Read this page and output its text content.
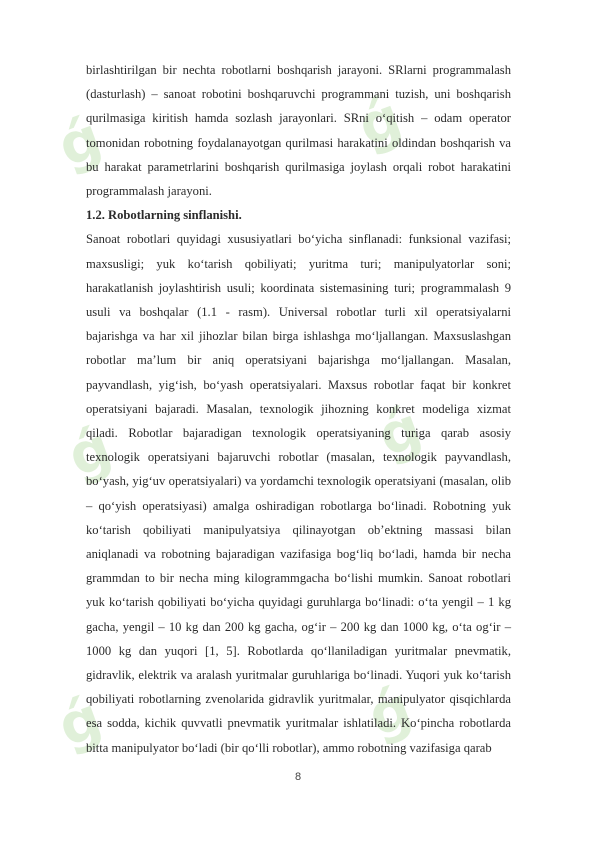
ǵ	ǵ
ǵ	ǵ
ǵ	ǵ

birlashtirilgan bir nechta robotlarni boshqarish jarayoni. SRlarni programmalash (dasturlash) – sanoat robotini boshqaruvchi programmani tuzish, uni boshqarish qurilmasiga kiritish hamda sozlash jarayonlari. SRni o‘qitish – odam operator tomonidan robotning foydalanayotgan qurilmasi harakatini oldindan boshqarish va bu harakat parametrlarini boshqarish qurilmasiga joylash orqali robot harakatini programmalash jarayoni.

1.2. Robotlarning sinflanishi.

Sanoat robotlari quyidagi xususiyatlari bo‘yicha sinflanadi: funksional vazifasi; maxsusligi; yuk ko‘tarish qobiliyati; yuritma turi; manipulyatorlar soni; harakatlanish joylashtirish usuli; koordinata sistemasining turi; programmalash 9 usuli va boshqalar (1.1 - rasm). Universal robotlar turli xil operatsiyalarni bajarishga va har xil jihozlar bilan birga ishlashga mo‘ljallangan. Maxsuslashgan robotlar ma’lum bir aniq operatsiyani bajarishga mo‘ljallangan. Masalan, payvandlash, yig‘ish, bo‘yash operatsiyalari. Maxsus robotlar faqat bir konkret operatsiyani bajaradi. Masalan, texnologik jihozning konkret modeliga xizmat qiladi. Robotlar bajaradigan texnologik operatsiyaning turiga qarab asosiy texnologik operatsiyani bajaruvchi robotlar (masalan, texnologik payvandlash, bo‘yash, yig‘uv operatsiyalari) va yordamchi texnologik operatsiyani (masalan, olib – qo‘yish operatsiyasi) amalga oshiradigan robotlarga bo‘linadi. Robotning yuk ko‘tarish qobiliyati manipulyatsiya qilinayotgan ob’ektning massasi bilan aniqlanadi va robotning bajaradigan vazifasiga bog‘liq bo‘ladi, hamda bir necha grammdan to bir necha ming kilogrammgacha bo‘lishi mumkin. Sanoat robotlari yuk ko‘tarish qobiliyati bo‘yicha quyidagi guruhlarga bo‘linadi: o‘ta yengil – 1 kg gacha, yengil – 10 kg dan 200 kg gacha, og‘ir – 200 kg dan 1000 kg, o‘ta og‘ir – 1000 kg dan yuqori [1, 5]. Robotlarda qo‘llaniladigan yuritmalar pnevmatik, gidravlik, elektrik va aralash yuritmalar guruhlariga bo‘linadi. Yuqori yuk ko‘tarish qobiliyati robotlarning zvenolarida gidravlik yuritmalar, manipulyator qisqichlarda esa sodda, kichik quvvatli pnevmatik yuritmalar ishlatiladi. Ko‘pincha robotlarda bitta manipulyator bo‘ladi (bir qo‘lli robotlar), ammo robotning vazifasiga qarab

8
